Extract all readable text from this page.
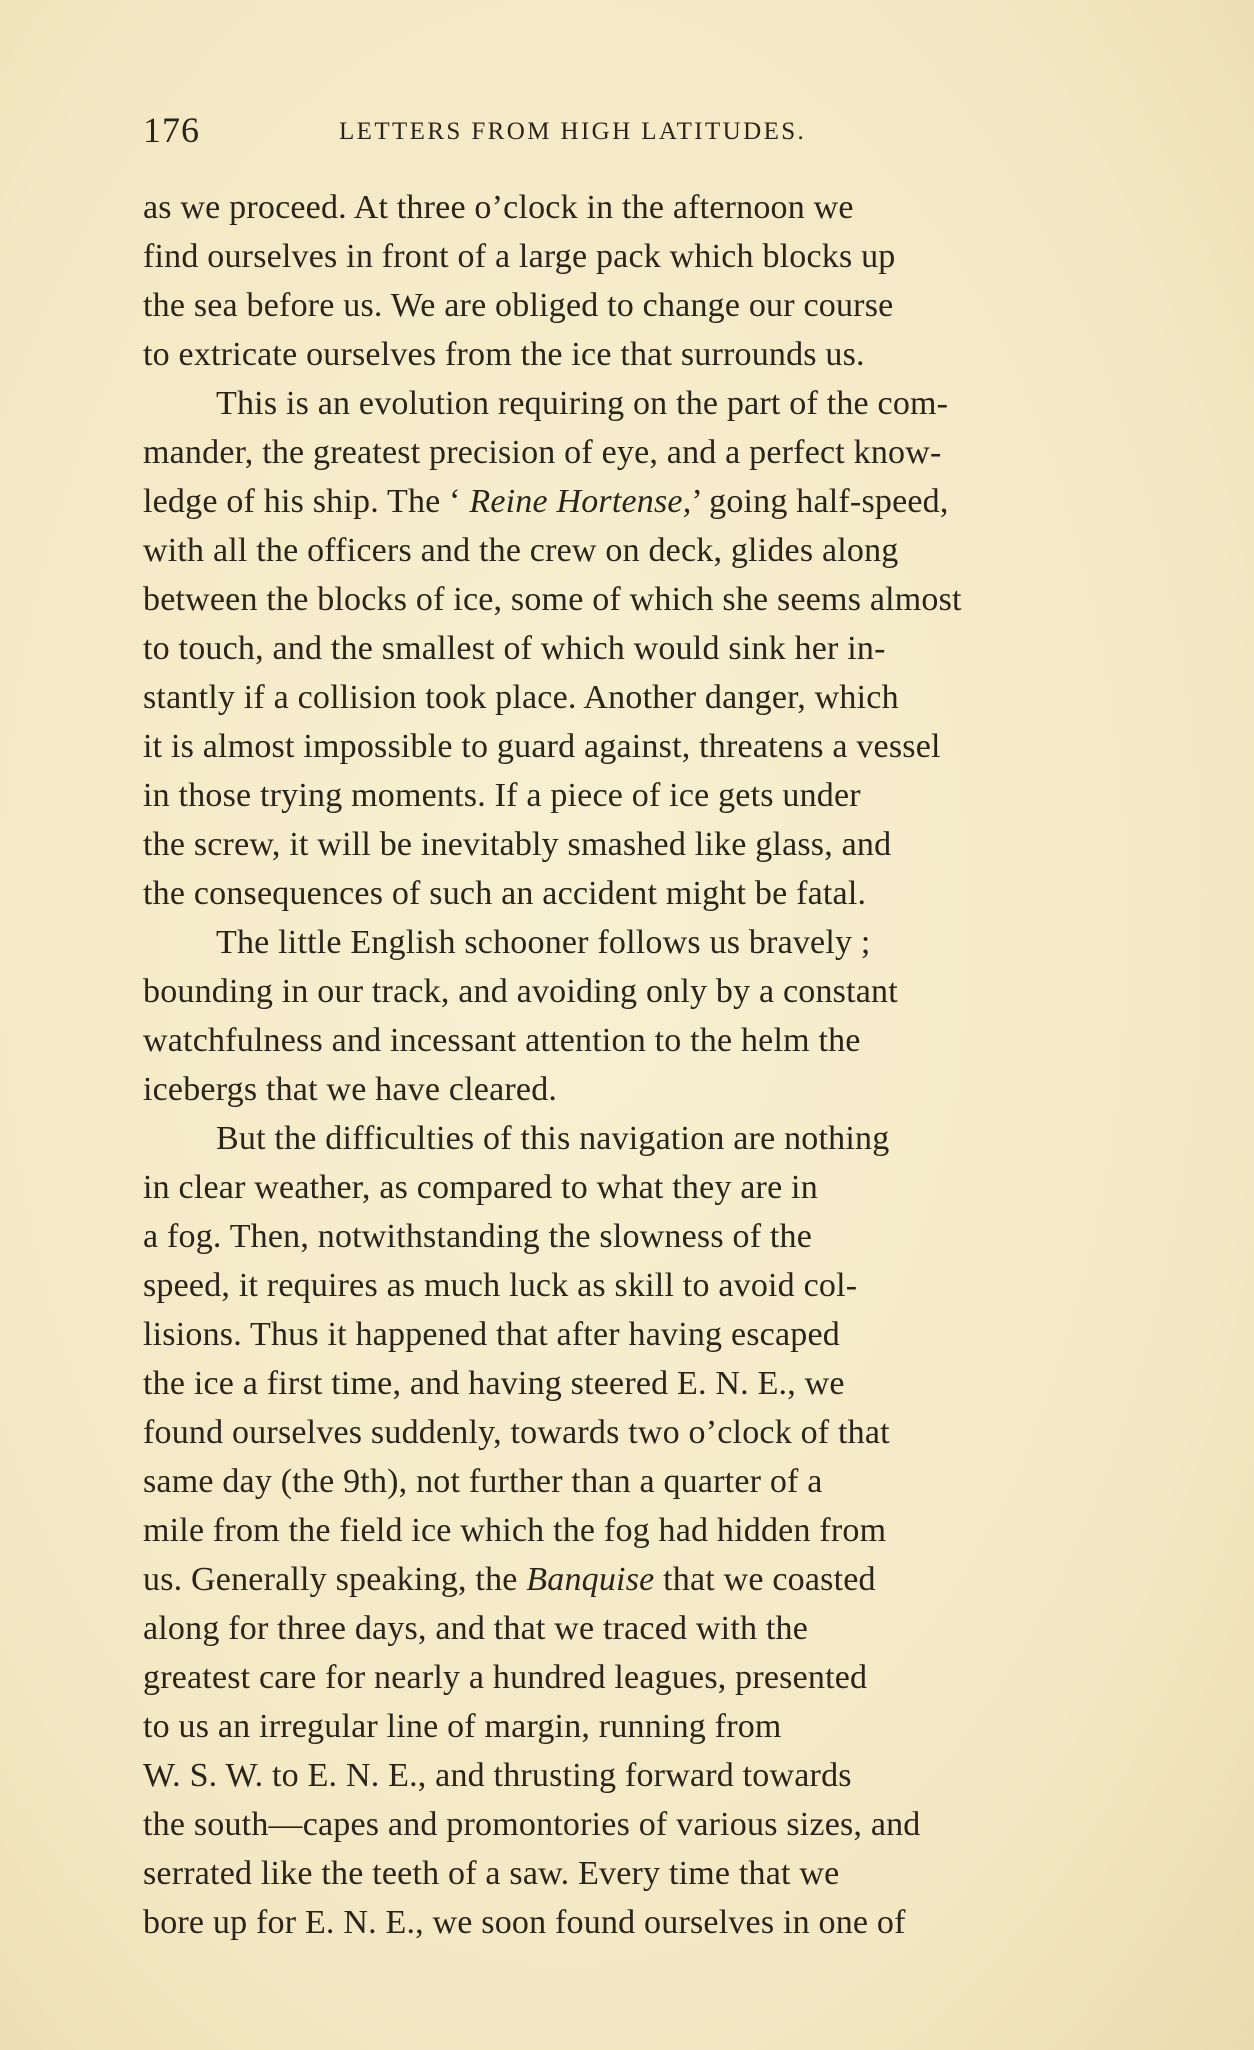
176	LETTERS FROM HIGH LATITUDES.
as we proceed. At three o’clock in the afternoon we
find ourselves in front of a large pack which blocks up
the sea before us. We are obliged to change our course
to extricate ourselves from the ice that surrounds us.
This is an evolution requiring on the part of the com-
mander, the greatest precision of eye, and a perfect know-
ledge of his ship. The ‘ Reine Hortense,’ going half-speed,
with all the officers and the crew on deck, glides along
between the blocks of ice, some of which she seems almost
to touch, and the smallest of which would sink her in-
stantly if a collision took place. Another danger, which
it is almost impossible to guard against, threatens a vessel
in those trying moments. If a piece of ice gets under
the screw, it will be inevitably smashed like glass, and
the consequences of such an accident might be fatal.
The little English schooner follows us bravely ;
bounding in our track, and avoiding only by a constant
watchfulness and incessant attention to the helm the
icebergs that we have cleared.
But the difficulties of this navigation are nothing
in clear weather, as compared to what they are in
a fog. Then, notwithstanding the slowness of the
speed, it requires as much luck as skill to avoid col-
lisions. Thus it happened that after having escaped
the ice a first time, and having steered E. N. E., we
found ourselves suddenly, towards two o’clock of that
same day (the 9th), not further than a quarter of a
mile from the field ice which the fog had hidden from
us. Generally speaking, the Banquise that we coasted
along for three days, and that we traced with the
greatest care for nearly a hundred leagues, presented
to us an irregular line of margin, running from
W. S. W. to E. N. E., and thrusting forward towards
the south—capes and promontories of various sizes, and
serrated like the teeth of a saw. Every time that we
bore up for E. N. E., we soon found ourselves in one of
